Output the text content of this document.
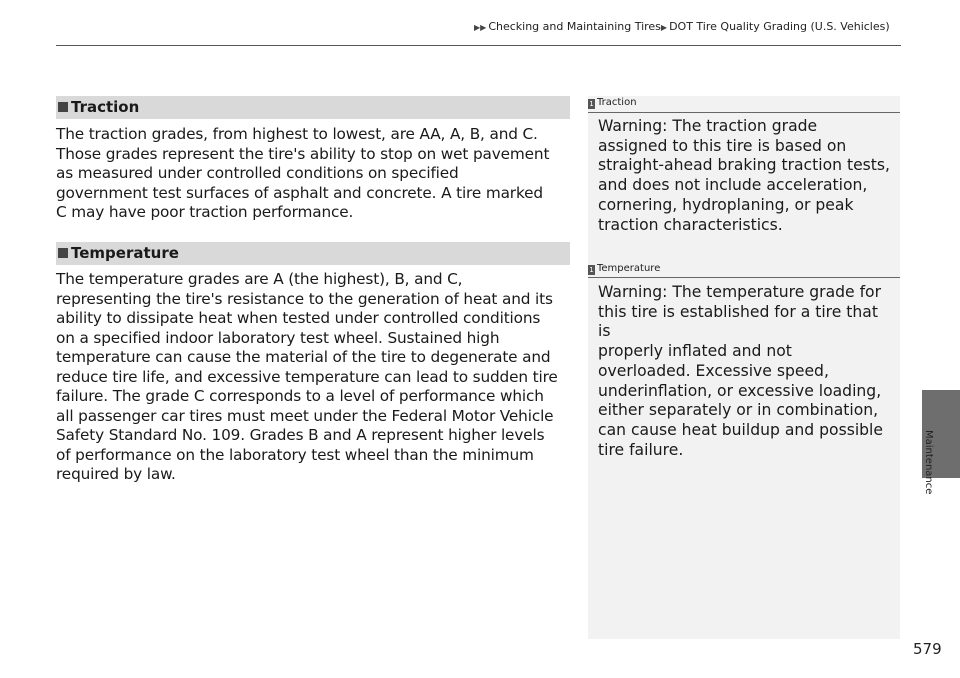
▶▶ Checking and Maintaining Tires▶ DOT Tire Quality Grading (U.S. Vehicles)
Traction

The traction grades, from highest to lowest, are AA, A, B, and C.
Those grades represent the tire's ability to stop on wet pavement
as measured under controlled conditions on specified
government test surfaces of asphalt and concrete. A tire marked
C may have poor traction performance.

Temperature

The temperature grades are A (the highest), B, and C,
representing the tire's resistance to the generation of heat and its
ability to dissipate heat when tested under controlled conditions
on a specified indoor laboratory test wheel. Sustained high
temperature can cause the material of the tire to degenerate and
reduce tire life, and excessive temperature can lead to sudden tire
failure. The grade C corresponds to a level of performance which
all passenger car tires must meet under the Federal Motor Vehicle
Safety Standard No. 109. Grades B and A represent higher levels
of performance on the laboratory test wheel than the minimum
required by law.

1 Traction

Warning: The traction grade
assigned to this tire is based on
straight-ahead braking traction tests,
and does not include acceleration,
cornering, hydroplaning, or peak
traction characteristics.

1 Temperature

Warning: The temperature grade for
this tire is established for a tire that is
properly inflated and not
overloaded. Excessive speed,
underinflation, or excessive loading,
either separately or in combination,
can cause heat buildup and possible
tire failure.	Maintenance
579
